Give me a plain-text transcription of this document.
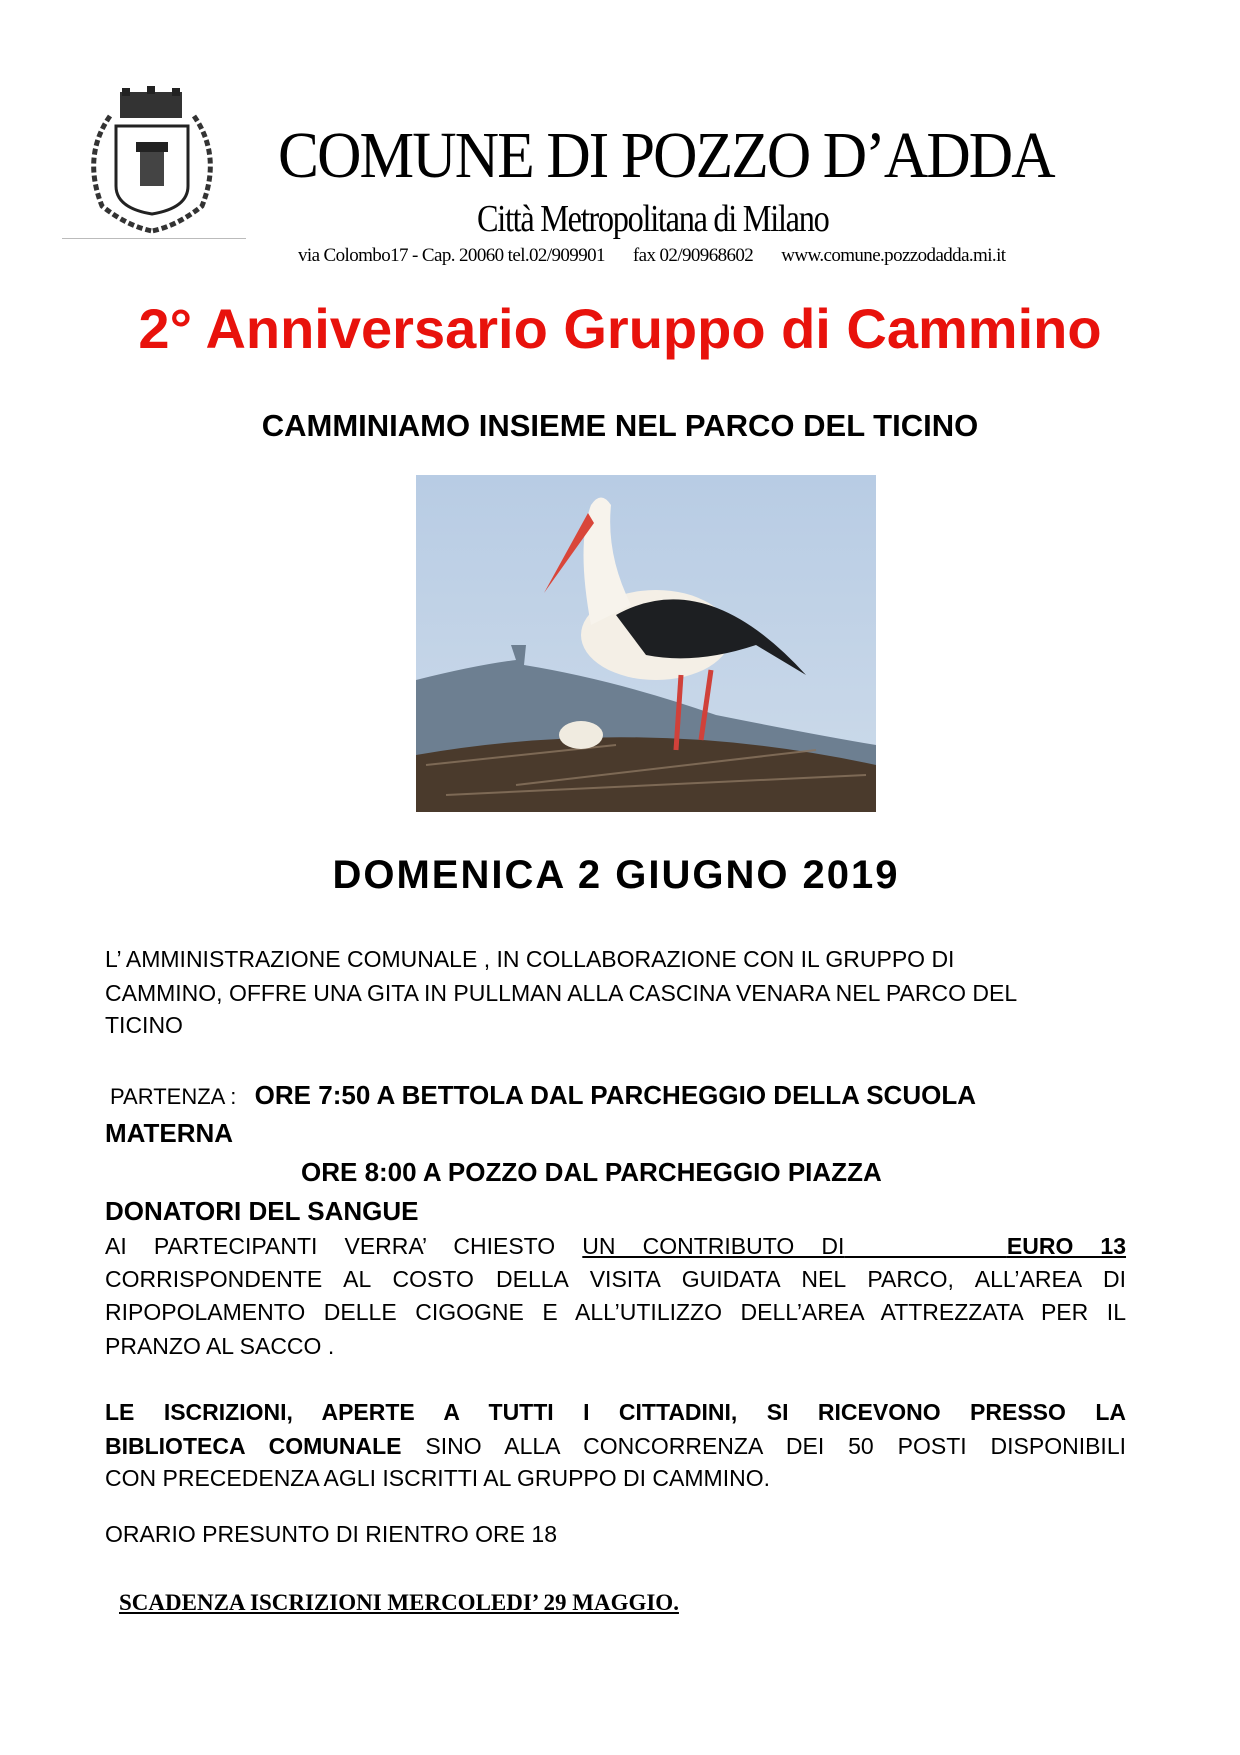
COMUNE DI POZZO D’ADDA
Città Metropolitana di Milano
via Colombo17 - Cap. 20060 tel.02/909901 fax 02/90968602 www.comune.pozzodadda.mi.it
2° Anniversario Gruppo di Cammino
CAMMINIAMO INSIEME NEL PARCO DEL TICINO
DOMENICA 2 GIUGNO 2019
L’ AMMINISTRAZIONE COMUNALE , IN COLLABORAZIONE CON IL GRUPPO DI
CAMMINO, OFFRE UNA GITA IN PULLMAN ALLA CASCINA VENARA NEL PARCO DEL
TICINO
PARTENZA : ORE 7:50 A BETTOLA DAL PARCHEGGIO DELLA SCUOLA
MATERNA
ORE 8:00 A POZZO DAL PARCHEGGIO PIAZZA
DONATORI DEL SANGUE
AI PARTECIPANTI VERRA’ CHIESTO UN CONTRIBUTO DI	EURO 13
CORRISPONDENTE AL COSTO DELLA VISITA GUIDATA NEL PARCO, ALL’AREA DI
RIPOPOLAMENTO DELLE CIGOGNE E ALL’UTILIZZO DELL’AREA ATTREZZATA PER IL
PRANZO AL SACCO .
LE ISCRIZIONI, APERTE A TUTTI I CITTADINI, SI RICEVONO PRESSO LA
BIBLIOTECA COMUNALE SINO ALLA CONCORRENZA DEI 50 POSTI DISPONIBILI
CON PRECEDENZA AGLI ISCRITTI AL GRUPPO DI CAMMINO.
ORARIO PRESUNTO DI RIENTRO ORE 18
SCADENZA ISCRIZIONI MERCOLEDI’ 29 MAGGIO.
